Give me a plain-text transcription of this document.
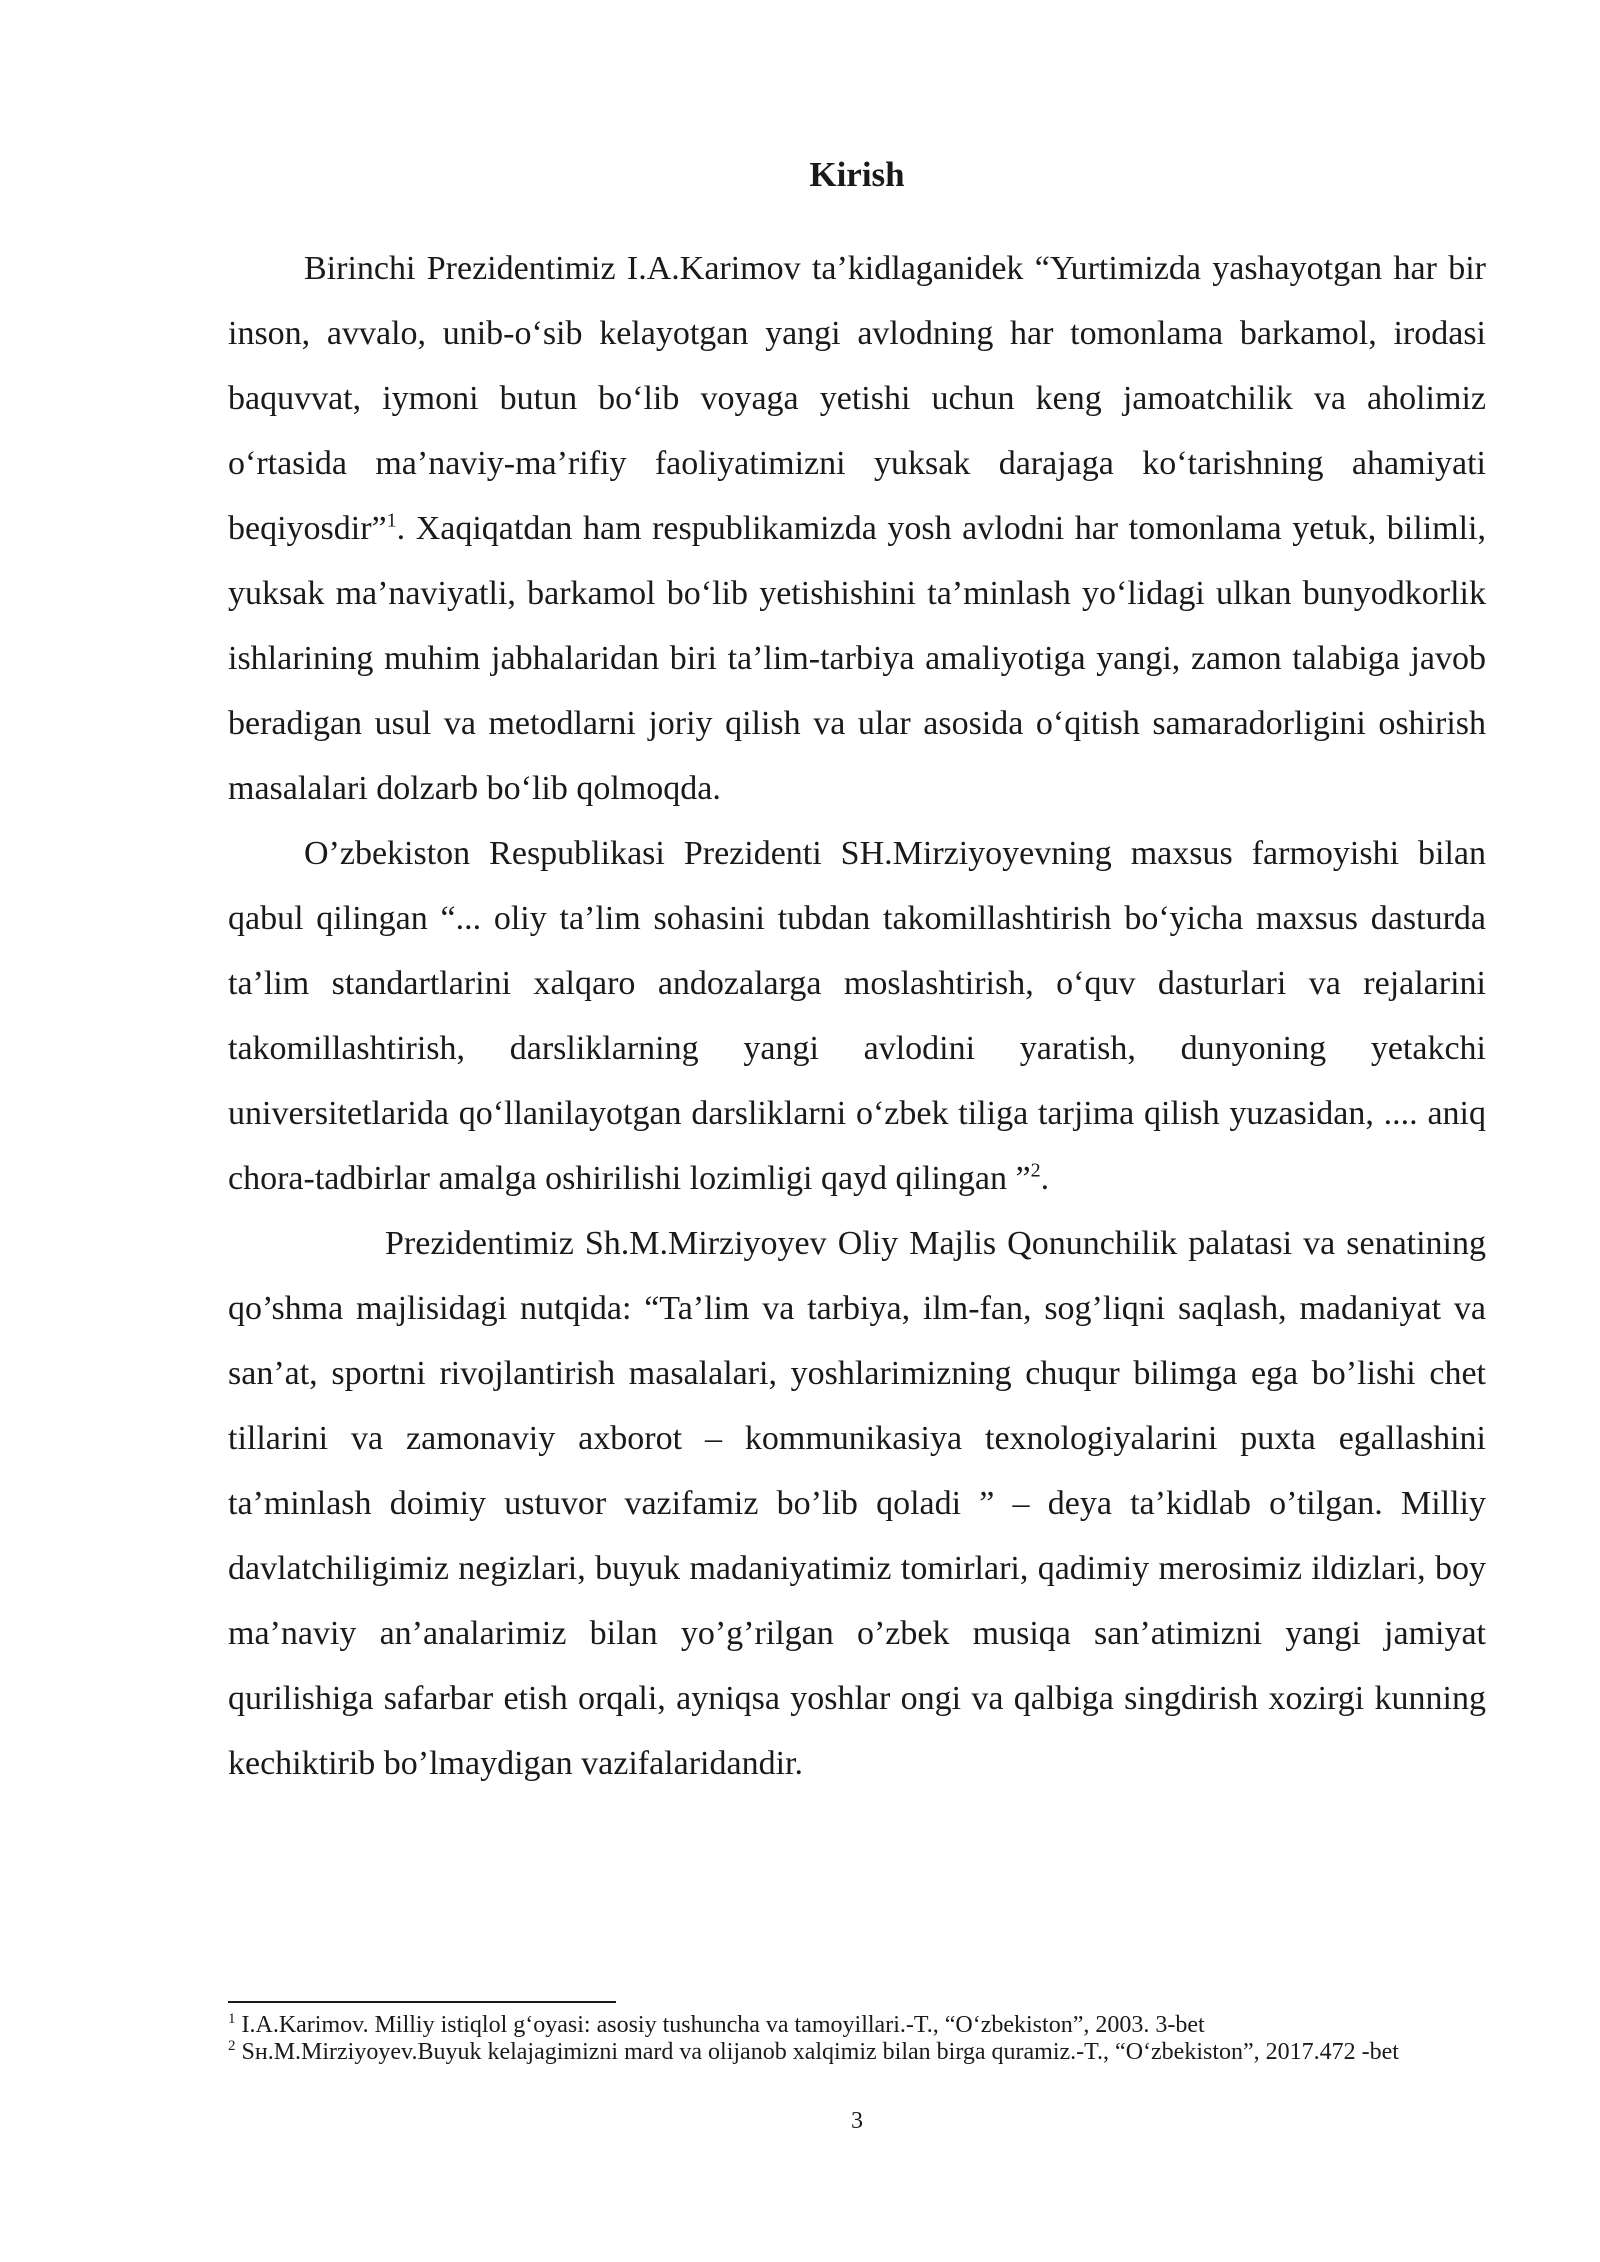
Kirish

Birinchi Prezidentimiz I.A.Karimov ta’kidlaganidek “Yurtimizda yashayotgan har bir inson, avvalo, unib-o‘sib kelayotgan yangi avlodning har tomonlama barkamol, irodasi baquvvat, iymoni butun bo‘lib voyaga yetishi uchun keng jamoatchilik va aholimiz o‘rtasida ma’naviy-ma’rifiy faoliyatimizni yuksak darajaga ko‘tarishning ahamiyati beqiyosdir”$^1$. Xaqiqatdan ham respublikamizda yosh avlodni har tomonlama yetuk, bilimli, yuksak ma’naviyatli, barkamol bo‘lib yetishishini ta’minlash yo‘lidagi ulkan bunyodkorlik ishlarining muhim jabhalaridan biri ta’lim-tarbiya amaliyotiga yangi, zamon talabiga javob beradigan usul va metodlarni joriy qilish va ular asosida o‘qitish samaradorligini oshirish masalalari dolzarb bo‘lib qolmoqda.

O’zbekiston Respublikasi Prezidenti SH.Mirziyoyevning maxsus farmoyishi bilan qabul qilingan “... oliy ta’lim sohasini tubdan takomillashtirish bo‘yicha maxsus dasturda ta’lim standartlarini xalqaro andozalarga moslashtirish, o‘quv dasturlari va rejalarini takomillashtirish, darsliklarning yangi avlodini yaratish, dunyoning yetakchi universitetlarida qo‘llanilayotgan darsliklarni o‘zbek tiliga tarjima qilish yuzasidan, .... aniq chora-tadbirlar amalga oshirilishi lozimligi qayd qilingan ”$^2$.

Prezidentimiz Sh.M.Mirziyoyev Oliy Majlis Qonunchilik palatasi va senatining qo’shma majlisidagi nutqida: “Ta’lim va tarbiya, ilm-fan, sog’liqni saqlash, madaniyat va san’at, sportni rivojlantirish masalalari, yoshlarimizning chuqur bilimga ega bo’lishi chet tillarini va zamonaviy axborot – kommunikasiya texnologiyalarini puxta egallashini ta’minlash doimiy ustuvor vazifamiz bo’lib qoladi ” – deya ta’kidlab o’tilgan. Milliy davlatchiligimiz negizlari, buyuk madaniyatimiz tomirlari, qadimiy merosimiz ildizlari, boy ma’naviy an’analarimiz bilan yo’g’rilgan o’zbek musiqa san’atimizni yangi jamiyat qurilishiga safarbar etish orqali, ayniqsa yoshlar ongi va qalbiga singdirish xozirgi kunning kechiktirib bo’lmaydigan vazifalaridandir.

$^1$ I.A.Karimov. Milliy istiqlol g‘oyasi: asosiy tushuncha va tamoyillari.-T., “O‘zbekiston”, 2003. 3-bet

$^2$ Sн.M.Mirziyoyev.Buyuk kelajagimizni mard va olijanob xalqimiz bilan birga quramiz.-T., “O‘zbekiston”, 2017.472 -bet

3
